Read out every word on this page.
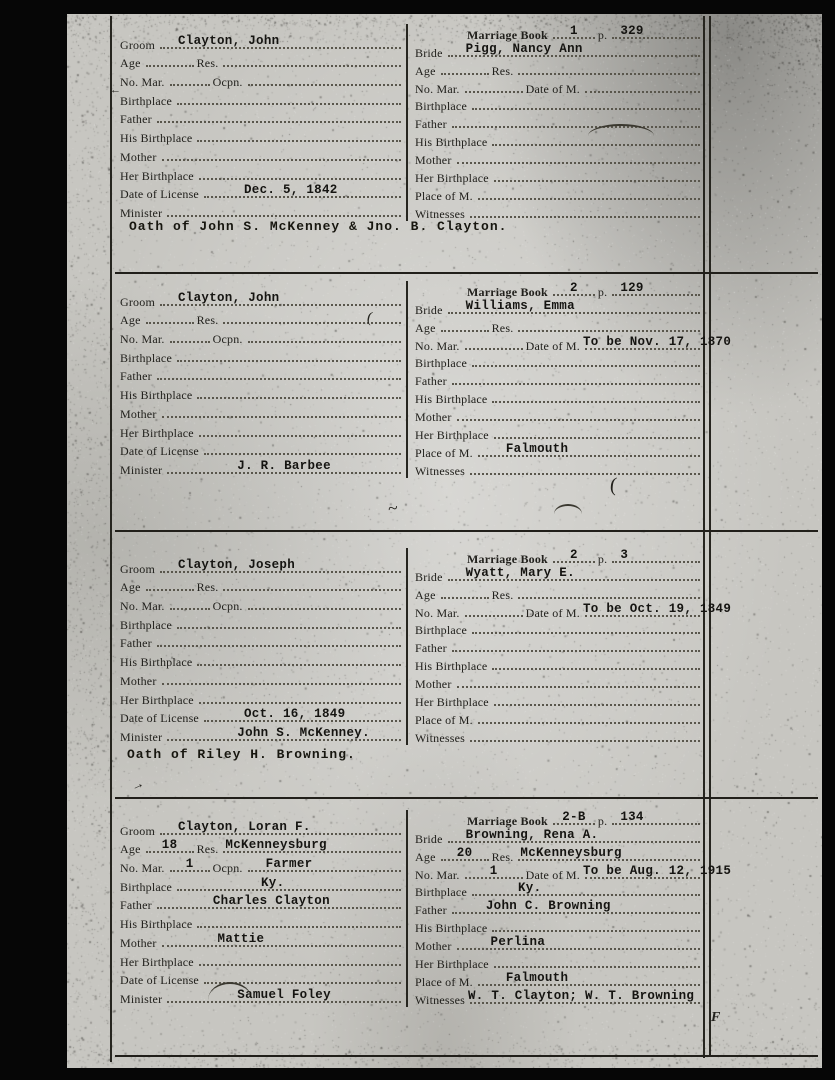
Groom Clayton, John
Age	Res.
No. Mar.	Ocpn.
Birthplace
Father
His Birthplace
Mother
Her Birthplace
Date of License	Dec. 5, 1842
Minister
Marriage Book 1 p. 329
Bride Pigg, Nancy Ann
Age	Res.
No. Mar.	Date of M.
Birthplace
Father
His Birthplace
Mother
Her Birthplace
Place of M.
Witnesses
Groom Clayton, John
Age	Res.
No. Mar.	Ocpn.
Birthplace
Father
His Birthplace
Mother
Her Birthplace
Date of License
Minister	J. R. Barbee
Marriage Book 2 p. 129
Bride Williams, Emma
Age	Res.
No. Mar.	Date of M. To be Nov. 17, 1870
Birthplace
Father
His Birthplace
Mother
Her Birthplace
Place of M.	Falmouth
Witnesses
Groom Clayton, Joseph
Age	Res.
No. Mar.	Ocpn.
Birthplace
Father
His Birthplace
Mother
Her Birthplace
Date of License	Oct. 16, 1849
Minister	John S. McKenney.
Marriage Book 2 p. 3
Bride Wyatt, Mary E.
Age	Res.
No. Mar.	Date of M. To be Oct. 19, 1849
Birthplace
Father
His Birthplace
Mother
Her Birthplace
Place of M.
Witnesses
Groom Clayton, Loran F.
Age 18 Res. McKenneysburg
No. Mar. 1 Ocpn. Farmer
Birthplace	Ky.
Father	Charles Clayton
His Birthplace
Mother	Mattie
Her Birthplace
Date of License
Minister	Samuel Foley
Marriage Book 2-B p. 134
Bride Browning, Rena A.
Age 20 Res. McKenneysburg
No. Mar. 1 Date of M. To be Aug. 12, 1915
Birthplace	Ky.
Father	John C. Browning
His Birthplace
Mother	Perlina
Her Birthplace
Place of M.	Falmouth
Witnesses W. T. Clayton; W. T. Browning
Oath of John S. McKenney & Jno. B. Clayton.
Oath of Riley H. Browning.
←
(
(
~
→
F
